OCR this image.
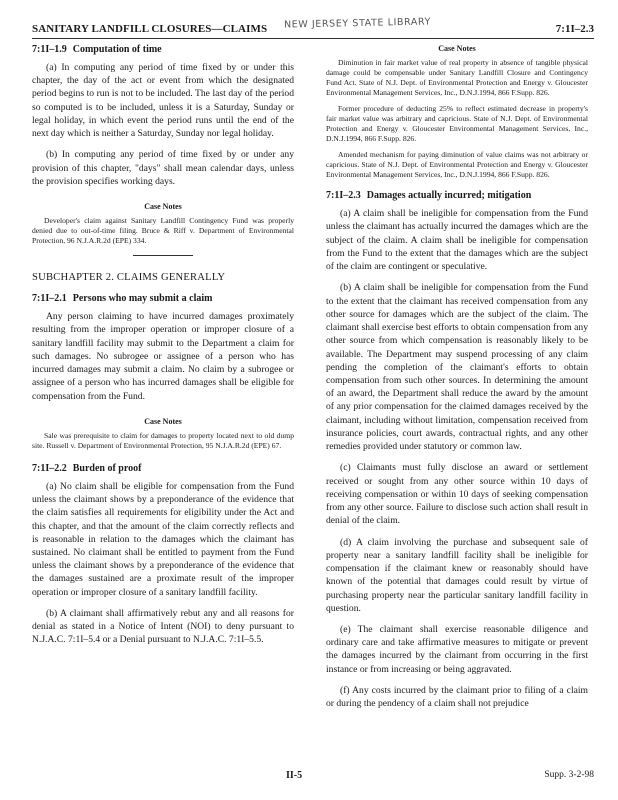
SANITARY LANDFILL CLOSURES—CLAIMS NEW JERSEY STATE LIBRARY	7:1I–2.3
7:1I–1.9 Computation of time

(a) In computing any period of time fixed by or under this chapter, the day of the act or event from which the designated period begins to run is not to be included. The last day of the period so computed is to be included, unless it is a Saturday, Sunday or legal holiday, in which event the period runs until the end of the next day which is neither a Saturday, Sunday nor legal holiday.

(b) In computing any period of time fixed by or under any provision of this chapter, "days" shall mean calendar days, unless the provision specifies working days.

Case Notes

Developer's claim against Sanitary Landfill Contingency Fund was properly denied due to out-of-time filing. Bruce & Riff v. Department of Environmental Protection, 96 N.J.A.R.2d (EPE) 334.

SUBCHAPTER 2. CLAIMS GENERALLY
7:1I–2.1 Persons who may submit a claim

Any person claiming to have incurred damages proximately resulting from the improper operation or improper closure of a sanitary landfill facility may submit to the Department a claim for such damages. No subrogee or assignee of a person who has incurred damages may submit a claim. No claim by a subrogee or assignee of a person who has incurred damages shall be eligible for compensation from the Fund.

Case Notes

Sale was prerequisite to claim for damages to property located next to old dump site. Russell v. Department of Environmental Protection, 95 N.J.A.R.2d (EPE) 67.

7:1I–2.2 Burden of proof

(a) No claim shall be eligible for compensation from the Fund unless the claimant shows by a preponderance of the evidence that the claim satisfies all requirements for eligibility under the Act and this chapter, and that the amount of the claim correctly reflects and is reasonable in relation to the damages which the claimant has sustained. No claimant shall be entitled to payment from the Fund unless the claimant shows by a preponderance of the evidence that the damages sustained are a proximate result of the improper operation or improper closure of a sanitary landfill facility.

(b) A claimant shall affirmatively rebut any and all reasons for denial as stated in a Notice of Intent (NOI) to deny pursuant to N.J.A.C. 7:1I–5.4 or a Denial pursuant to N.J.A.C. 7:1I–5.5.

Case Notes

Diminution in fair market value of real property in absence of tangible physical damage could be compensable under Sanitary Landfill Closure and Contingency Fund Act. State of N.J. Dept. of Environmental Protection and Energy v. Gloucester Environmental Management Services, Inc., D.N.J.1994, 866 F.Supp. 826.

Former procedure of deducting 25% to reflect estimated decrease in property's fair market value was arbitrary and capricious. State of N.J. Dept. of Environmental Protection and Energy v. Gloucester Environmental Management Services, Inc., D.N.J.1994, 866 F.Supp. 826.

Amended mechanism for paying diminution of value claims was not arbitrary or capricious. State of N.J. Dept. of Environmental Protection and Energy v. Gloucester Environmental Management Services, Inc., D.N.J.1994, 866 F.Supp. 826.

7:1I–2.3 Damages actually incurred; mitigation

(a) A claim shall be ineligible for compensation from the Fund unless the claimant has actually incurred the damages which are the subject of the claim. A claim shall be ineligible for compensation from the Fund to the extent that the damages which are the subject of the claim are contingent or speculative.

(b) A claim shall be ineligible for compensation from the Fund to the extent that the claimant has received compensation from any other source for damages which are the subject of the claim. The claimant shall exercise best efforts to obtain compensation from any other source from which compensation is reasonably likely to be available. The Department may suspend processing of any claim pending the completion of the claimant's efforts to obtain compensation from such other sources. In determining the amount of an award, the Department shall reduce the award by the amount of any prior compensation for the claimed damages received by the claimant, including without limitation, compensation received from insurance policies, court awards, contractual rights, and any other remedies provided under statutory or common law.

(c) Claimants must fully disclose an award or settlement received or sought from any other source within 10 days of receiving compensation or within 10 days of seeking compensation from any other source. Failure to disclose such action shall result in denial of the claim.

(d) A claim involving the purchase and subsequent sale of property near a sanitary landfill facility shall be ineligible for compensation if the claimant knew or reasonably should have known of the potential that damages could result by virtue of purchasing property near the particular sanitary landfill facility in question.

(e) The claimant shall exercise reasonable diligence and ordinary care and take affirmative measures to mitigate or prevent the damages incurred by the claimant from occurring in the first instance or from increasing or being aggravated.

(f) Any costs incurred by the claimant prior to filing of a claim or during the pendency of a claim shall not prejudice

II-5	Supp. 3-2-98
